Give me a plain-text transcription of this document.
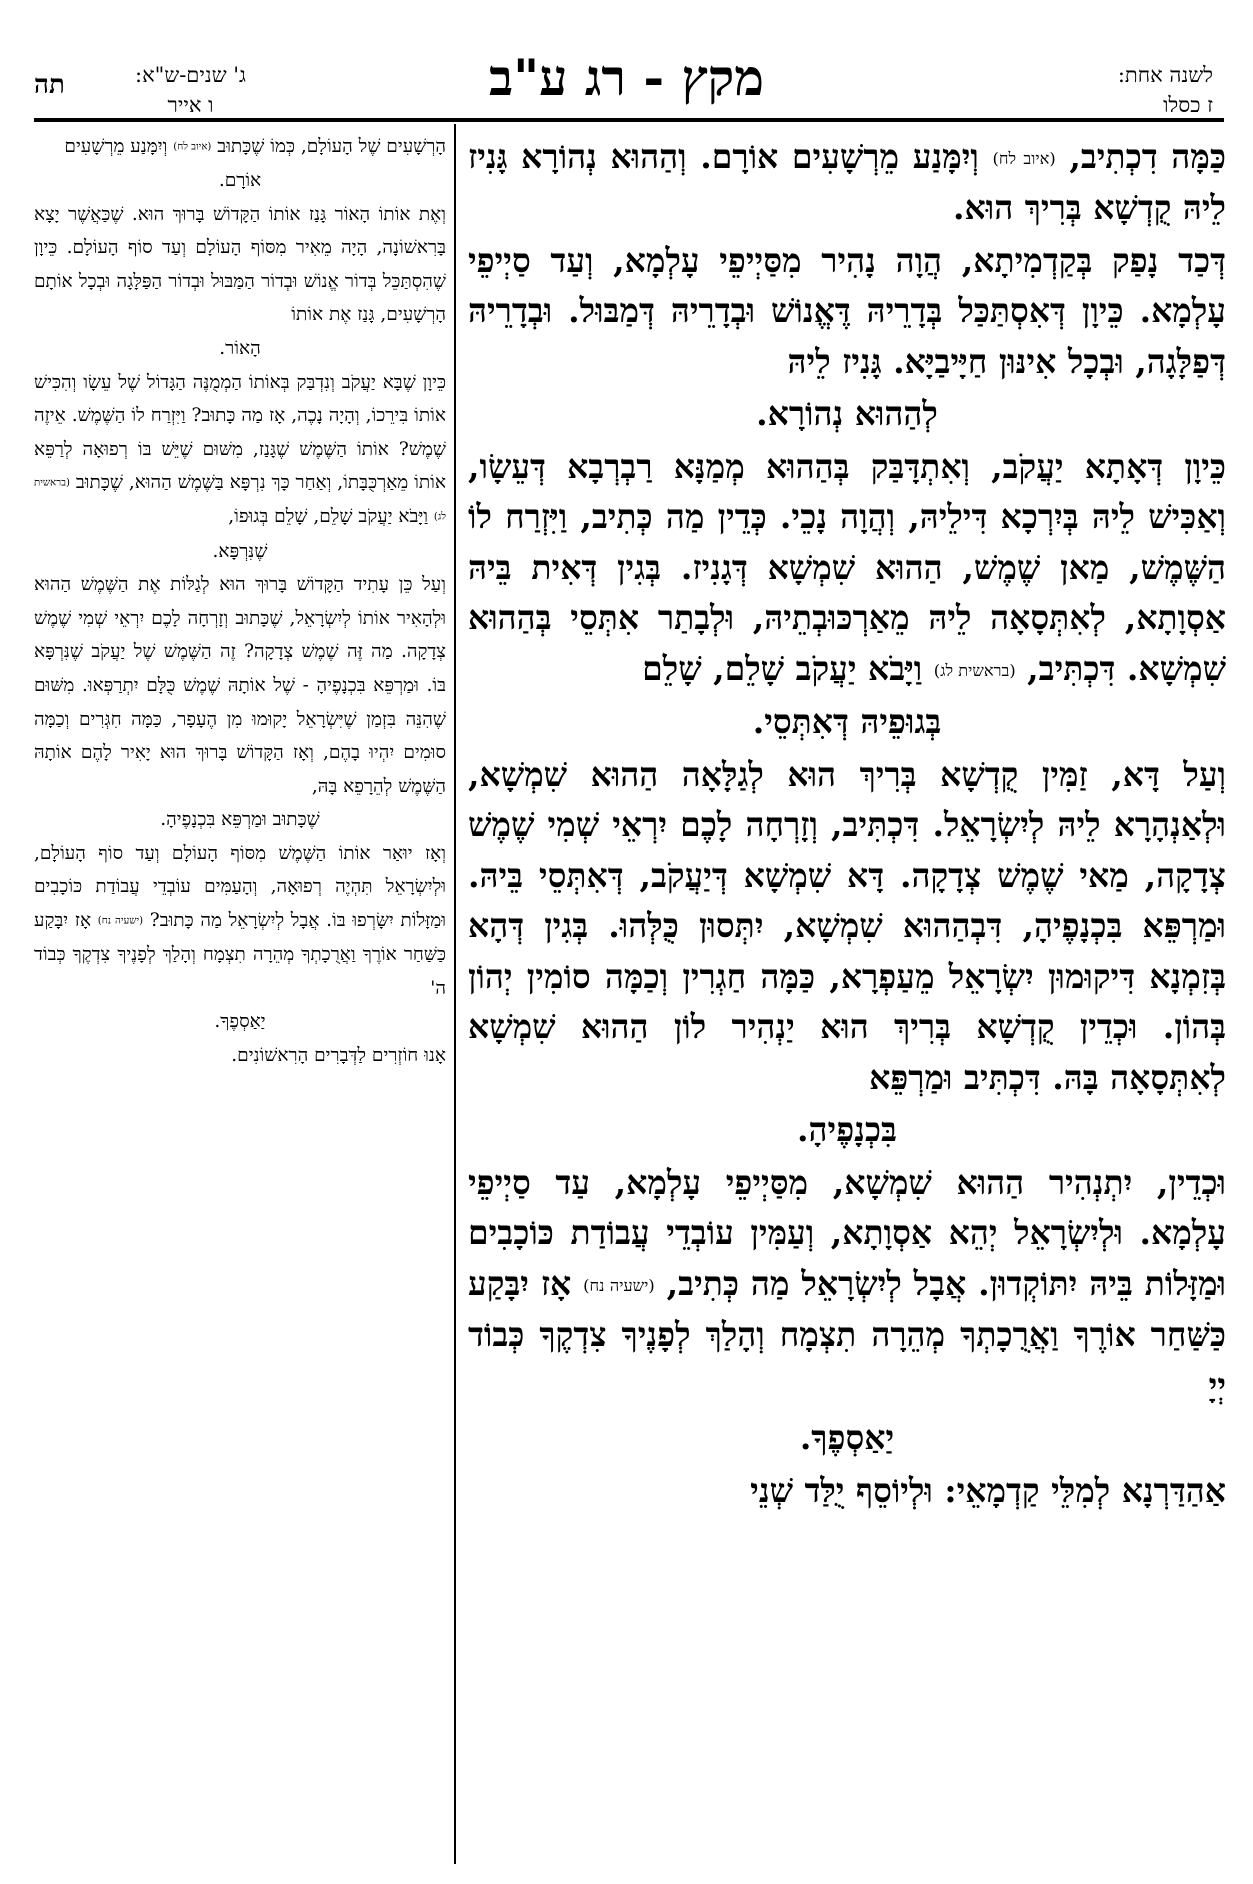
תה	ג' שנים-ש"א:
ו אייר	מקץ - רג ע"ב	לשנה אחת:
ז כסלו

כַּמָּה דִכְתִיב, (איוב לח) וְיִמָּנַע מֵרְשָׁעִים אוֹרָם. וְהַהוּא נְהוֹרָא גָּנִיז לֵיהּ קֻדְשָׁא בְּרִיךְ הוּא.

דְּכַד נָפַק בְּקַדְמִיתָא, הֲוָה נָהִיר מִסַּיְיפֵי עָלְמָא, וְעַד סַיְיפֵי עָלְמָא. כֵּיוָן דְּאִסְתַּכַּל בְּדָרֵיהּ דֶּאֱנוֹשׁ וּבְדָרֵיהּ דְּמַבּוּל. וּבְדָרֵיהּ דְּפַלָּגָה, וּבְכָל אִינּוּן חַיָּיבַיָּא. גָּנִיז לֵיהּ

לְהַהוּא נְהוֹרָא.

כֵּיוָן דְּאָתָא יַעֲקֹב, וְאִתְדָּבַּק בְּהַהוּא מְמַנָּא רַבְרְבָא דְּעֵשָׂו, וְאַכִּישׁ לֵיהּ בְּיִרְכָא דִּילֵיהּ, וְהֲוָה נָכֵי. כְּדֵין מַה כְּתִיב, וַיִּזְרַח לוֹ הַשֶּׁמֶשׁ, מַאן שֶׁמֶשׁ, הַהוּא שִׁמְשָׁא דְּגָנִיז. בְּגִין דְּאִית בֵּיהּ אַסְוָתָא, לְאִתְּסָאָה לֵיהּ מֵאַרְכּוּבְתֵיהּ, וּלְבָתַר אִתְּסֵי בְּהַהוּא שִׁמְשָׁא. דִּכְתִּיב, (בראשית לג) וַיָּבֹא יַעֲקֹב שָׁלֵם, שָׁלֵם

בְּגוּפֵיהּ דְּאִתְּסֵי.

וְעַל דָּא, זַמִּין קֻדְשָׁא בְּרִיךְ הוּא לְגַלָּאָה הַהוּא שִׁמְשָׁא, וּלְאַנְהָרָא לֵיהּ לְיִשְׂרָאֵל. דִּכְתִּיב, וְזָרְחָה לָכֶם יִרְאֵי שְׁמִי שֶׁמֶשׁ צְדָקָה, מַאי שֶׁמֶשׁ צְדָקָה. דָּא שִׁמְשָׁא דְּיַעֲקֹב, דְּאִתְּסֵי בֵּיהּ. וּמַרְפֵּא בִּכְנָפֶיהָ, דִּבְהַהוּא שִׁמְשָׁא, יִתְּסוּן כֻּלְּהוּ. בְּגִין דְּהָא בְּזִמְנָא דִּיקוּמוּן יִשְׂרָאֵל מֵעַפְרָא, כַּמָּה חַגְרִין וְכַמָּה סוֹמִין יְהוֹן בְּהוֹן. וּכְדֵין קֻדְשָׁא בְּרִיךְ הוּא יַנְהִיר לוֹן הַהוּא שִׁמְשָׁא לְאִתְּסָאָה בָּהּ. דִּכְתִּיב וּמַרְפֵּא

בִּכְנָפֶיהָ.

וּכְדֵין, יִתְנְהִיר הַהוּא שִׁמְשָׁא, מִסַּיְיפֵי עָלְמָא, עַד סַיְיפֵי עָלְמָא. וּלְיִשְׂרָאֵל יְהֵא אַסְוָתָא, וְעַמִּין עוֹבְדֵי עֲבוֹדַת כּוֹכָבִים וּמַזָּלוֹת בֵּיהּ יִתּוֹקְדוּן. אֲבָל לְיִשְׂרָאֵל מַה כְּתִיב, (ישעיה נח) אָז יִבָּקַע כַּשַּׁחַר אוֹרֶךָ וַאֲרֻכָתְךָ מְהֵרָה תִצְמָח וְהָלַךְ לְפָנֶיךָ צִדְקֶךָ כְּבוֹד יְיָ

יַאַסְפֶךָ.

אַהַדַּרְנָא לְמִלֵּי קַדְמָאֵי: וּלְיוֹסֵף יֻלַּד שְׁנֵי

הָרְשָׁעִים שֶׁל הָעוֹלָם, כְּמוֹ שֶׁכָּתוּב (איוב לח) וְיִמָּנַע מֵרְשָׁעִים

אוֹרָם.

וְאֶת אוֹתוֹ הָאוֹר גָּנַז אוֹתוֹ הַקָּדוֹשׁ בָּרוּךְ הוּא. שֶׁכַּאֲשֶׁר יָצָא בָּרִאשׁוֹנָה, הָיָה מֵאִיר מִסּוֹף הָעוֹלָם וְעַד סוֹף הָעוֹלָם. כֵּיוָן שֶׁהִסְתַּכֵּל בְּדוֹר אֱנוֹשׁ וּבְדוֹר הַמַּבּוּל וּבְדוֹר הַפַּלָּגָה וּבְכָל אוֹתָם הָרְשָׁעִים, גָּנַז אֶת אוֹתוֹ

הָאוֹר.

כֵּיוָן שֶׁבָּא יַעֲקֹב וְנִדְבַּק בְּאוֹתוֹ הַמְמֻנֶּה הַגָּדוֹל שֶׁל עֵשָׂו וְהִכִּישׁ אוֹתוֹ בִּירֵכוֹ, וְהָיָה נָכֶה, אָז מַה כָּתוּב? וַיִּזְרַח לוֹ הַשֶּׁמֶשׁ. אֵיזֶה שֶׁמֶשׁ? אוֹתוֹ הַשֶּׁמֶשׁ שֶׁגָּנַז, מִשּׁוּם שֶׁיֵּשׁ בּוֹ רְפוּאָה לְרַפֵּא אוֹתוֹ מֵאַרְכֻּבָּתוֹ, וְאַחַר כָּךְ נִרְפָּא בַּשֶּׁמֶשׁ הַהוּא, שֶׁכָּתוּב (בראשית לג) וַיָּבֹא יַעֲקֹב שָׁלֵם, שָׁלֵם בְּגוּפוֹ,

שֶׁנִּרְפָּא.

וְעַל כֵּן עָתִיד הַקָּדוֹשׁ בָּרוּךְ הוּא לְגַלּוֹת אֶת הַשֶּׁמֶשׁ הַהוּא וּלְהָאִיר אוֹתוֹ לְיִשְׂרָאֵל, שֶׁכָּתוּב וְזָרְחָה לָכֶם יִרְאֵי שְׁמִי שֶׁמֶשׁ צְדָקָה. מַה זֶּה שֶׁמֶשׁ צְדָקָה? זֶה הַשֶּׁמֶשׁ שֶׁל יַעֲקֹב שֶׁנִּרְפָּא בּוֹ. וּמַרְפֵּא בִּכְנָפֶיהָ - שֶׁל אוֹתָהּ שֶׁמֶשׁ כֻּלָּם יִתְרַפְּאוּ. מִשּׁוּם שֶׁהִנֵּה בִּזְמַן שֶׁיִּשְׂרָאֵל יָקוּמוּ מִן הֶעָפָר, כַּמָּה חִגְּרִים וְכַמָּה סוּמִים יִהְיוּ בָהֶם, וְאָז הַקָּדוֹשׁ בָּרוּךְ הוּא יָאִיר לָהֶם אוֹתָהּ הַשֶּׁמֶשׁ לְהֵרָפֵא בָּהּ,

שֶׁכָּתוּב וּמַרְפֵּא בִּכְנָפֶיהָ.

וְאָז יוּאַר אוֹתוֹ הַשֶּׁמֶשׁ מִסּוֹף הָעוֹלָם וְעַד סוֹף הָעוֹלָם, וּלְיִשְׂרָאֵל תִּהְיֶה רְפוּאָה, וְהָעַמִּים עוֹבְדֵי עֲבוֹדַת כּוֹכָבִים וּמַזָּלוֹת יִשָּׂרְפוּ בּוֹ. אֲבָל לְיִשְׂרָאֵל מַה כָּתוּב? (ישעיה נח) אָז יִבָּקַע כַּשַּׁחַר אוֹרֶךָ וַאֲרֻכָתְךָ מְהֵרָה תִצְמָח וְהָלַךְ לְפָנֶיךָ צִדְקֶךָ כְּבוֹד ה'

יַאַסְפֶךָ.

אָנוּ חוֹזְרִים לַדְּבָרִים הָרִאשׁוֹנִים.
